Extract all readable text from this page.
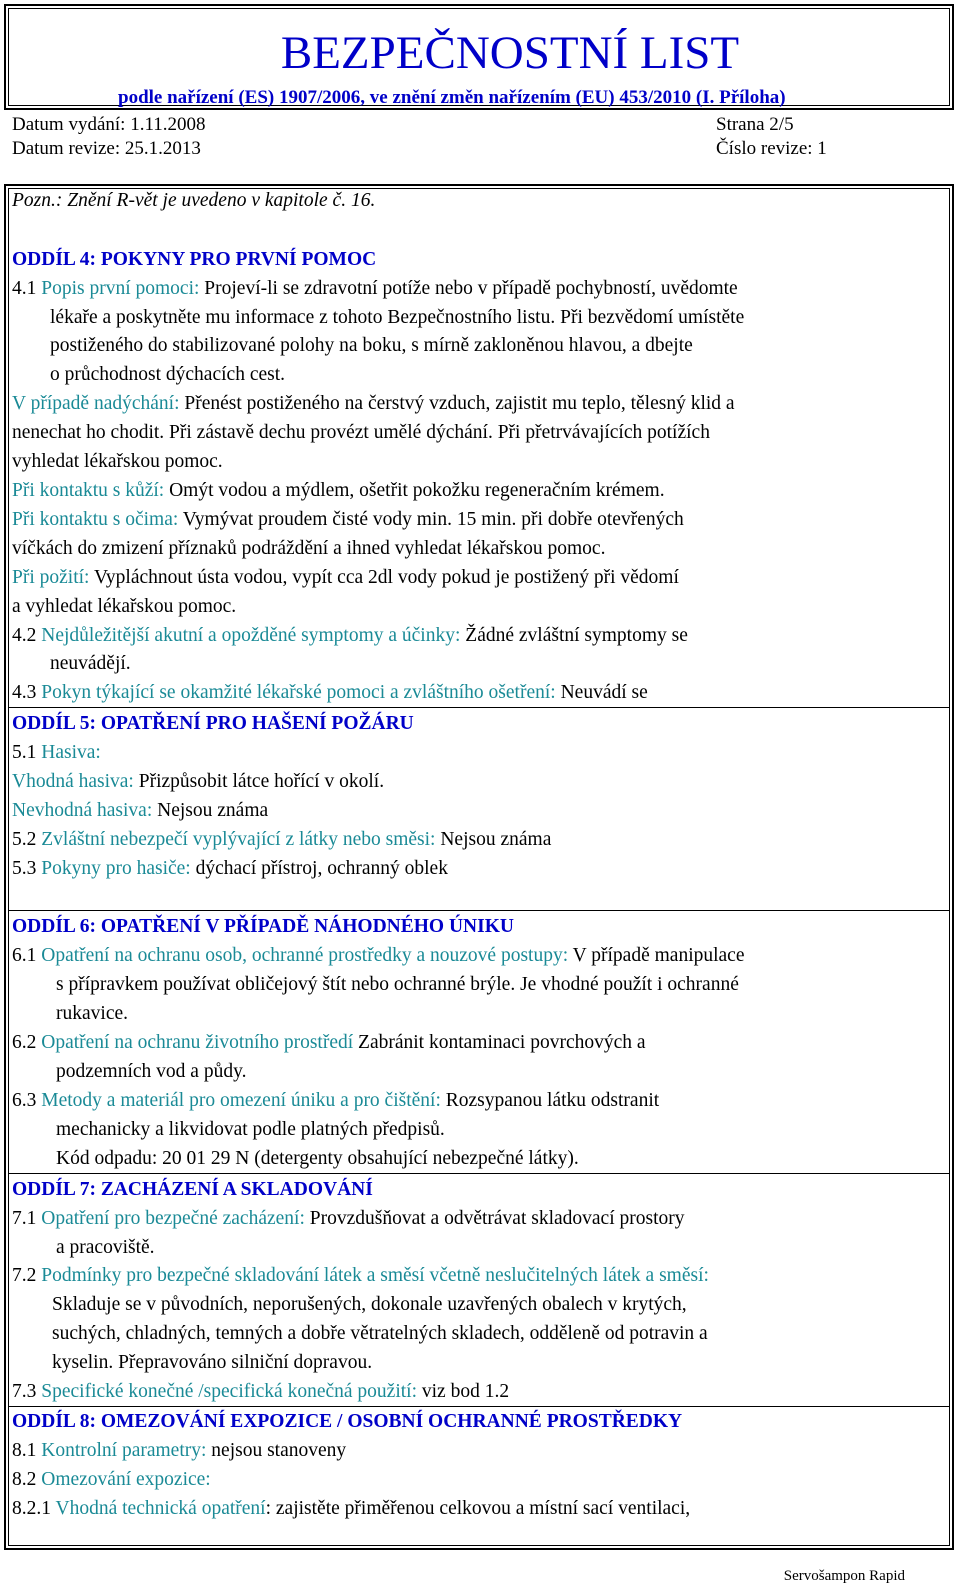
BEZPEČNOSTNÍ LIST
podle nařízení (ES) 1907/2006, ve znění změn nařízením (EU) 453/2010 (I. Příloha)
Datum vydání: 1.11.2008
Datum revize: 25.1.2013
Strana 2/5
Číslo revize: 1
Pozn.: Znění R-vět je uvedeno v kapitole č. 16.
ODDÍL 4: POKYNY PRO PRVNÍ POMOC
4.1 Popis první pomoci: Projeví-li se zdravotní potíže nebo v případě pochybností, uvědomte
lékaře a poskytněte mu informace z tohoto Bezpečnostního listu. Při bezvědomí umístěte
postiženého do stabilizované polohy na boku, s mírně zakloněnou hlavou, a dbejte
o průchodnost dýchacích cest.
V případě nadýchání: Přenést postiženého na čerstvý vzduch, zajistit mu teplo, tělesný klid a
nenechat ho chodit. Při zástavě dechu provézt umělé dýchání. Při přetrvávajících potížích
vyhledat lékařskou pomoc.
Při kontaktu s kůží: Omýt vodou a mýdlem, ošetřit pokožku regeneračním krémem.
Při kontaktu s očima: Vymývat proudem čisté vody min. 15 min. při dobře otevřených
víčkách do zmizení příznaků podráždění a ihned vyhledat lékařskou pomoc.
Při požití: Vypláchnout ústa vodou, vypít cca 2dl vody pokud je postižený při vědomí
a vyhledat lékařskou pomoc.
4.2 Nejdůležitější akutní a opožděné symptomy a účinky: Žádné zvláštní symptomy se
neuvádějí.
4.3 Pokyn týkající se okamžité lékařské pomoci a zvláštního ošetření: Neuvádí se
ODDÍL 5: OPATŘENÍ PRO HAŠENÍ POŽÁRU
5.1 Hasiva:
Vhodná hasiva: Přizpůsobit látce hořící v okolí.
Nevhodná hasiva: Nejsou známa
5.2 Zvláštní nebezpečí vyplývající z látky nebo směsi: Nejsou známa
5.3 Pokyny pro hasiče: dýchací přístroj, ochranný oblek
ODDÍL 6: OPATŘENÍ V PŘÍPADĚ NÁHODNÉHO ÚNIKU
6.1 Opatření na ochranu osob, ochranné prostředky a nouzové postupy: V případě manipulace
s přípravkem používat obličejový štít nebo ochranné brýle. Je vhodné použít i ochranné
rukavice.
6.2 Opatření na ochranu životního prostředí Zabránit kontaminaci povrchových a
podzemních vod a půdy.
6.3 Metody a materiál pro omezení úniku a pro čištění: Rozsypanou látku odstranit
mechanicky a likvidovat podle platných předpisů.
Kód odpadu: 20 01 29 N (detergenty obsahující nebezpečné látky).
ODDÍL 7: ZACHÁZENÍ A SKLADOVÁNÍ
7.1 Opatření pro bezpečné zacházení: Provzdušňovat a odvětrávat skladovací prostory
a pracoviště.
7.2 Podmínky pro bezpečné skladování látek a směsí včetně neslučitelných látek a směsí:
Skladuje se v původních, neporušených, dokonale uzavřených obalech v krytých,
suchých, chladných, temných a dobře větratelných skladech, odděleně od potravin a
kyselin. Přepravováno silniční dopravou.
7.3 Specifické konečné /specifická konečná použití: viz bod 1.2
ODDÍL 8: OMEZOVÁNÍ EXPOZICE / OSOBNÍ OCHRANNÉ PROSTŘEDKY
8.1 Kontrolní parametry: nejsou stanoveny
8.2 Omezování expozice:
8.2.1 Vhodná technická opatření: zajistěte přiměřenou celkovou a místní sací ventilaci,
Servošampon Rapid
